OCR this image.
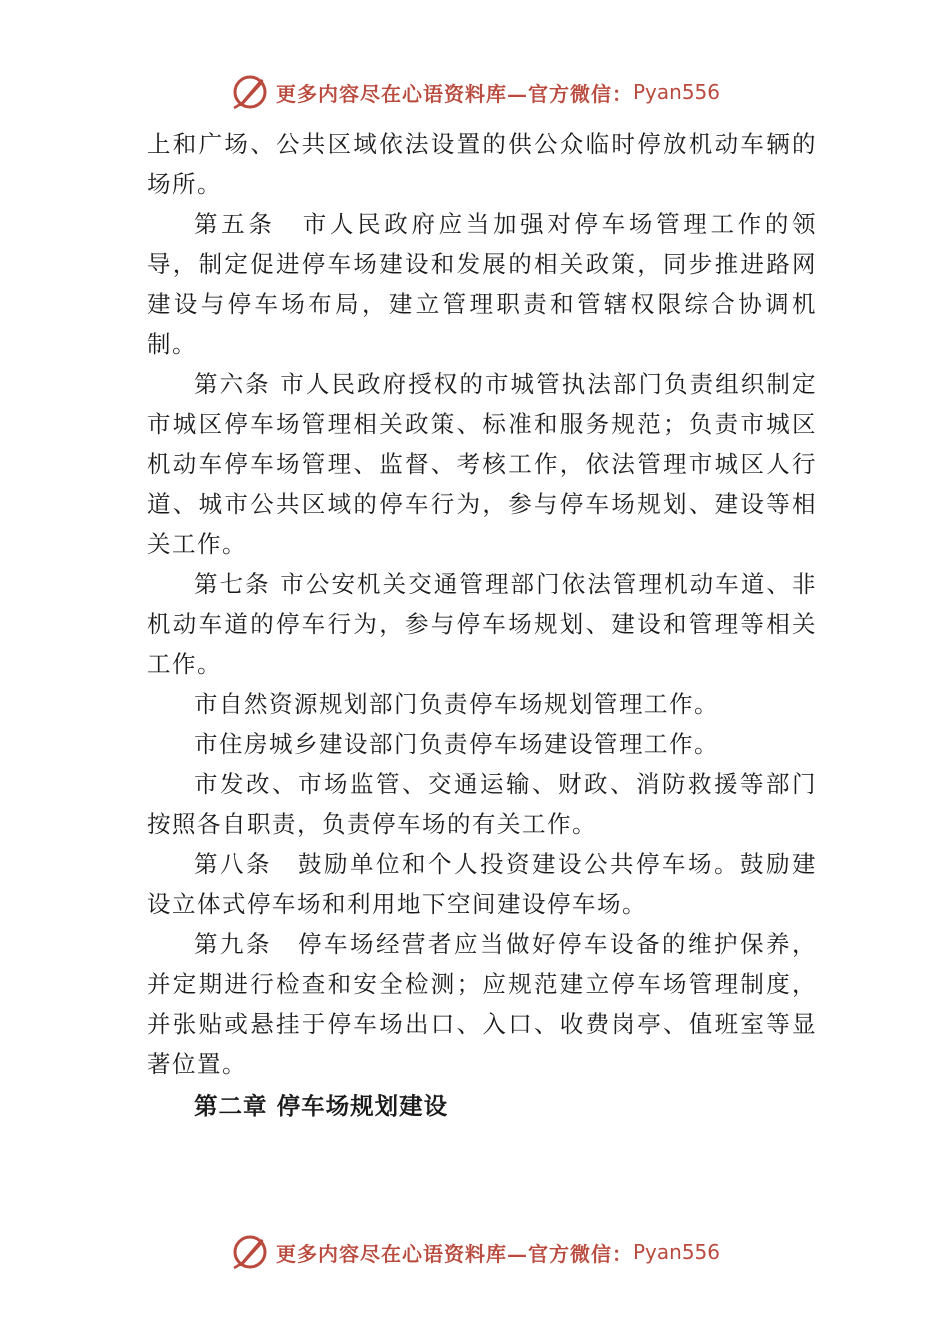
更多内容尽在心语资料库—官方微信： Pyan556

上和广场、公共区域依法设置的供公众临时停放机动车辆的场所。

第五条　市人民政府应当加强对停车场管理工作的领导，制定促进停车场建设和发展的相关政策，同步推进路网建设与停车场布局，建立管理职责和管辖权限综合协调机制。

第六条 市人民政府授权的市城管执法部门负责组织制定市城区停车场管理相关政策、标准和服务规范；负责市城区机动车停车场管理、监督、考核工作，依法管理市城区人行道、城市公共区域的停车行为，参与停车场规划、建设等相关工作。

第七条 市公安机关交通管理部门依法管理机动车道、非机动车道的停车行为，参与停车场规划、建设和管理等相关工作。

市自然资源规划部门负责停车场规划管理工作。

市住房城乡建设部门负责停车场建设管理工作。

市发改、市场监管、交通运输、财政、消防救援等部门按照各自职责，负责停车场的有关工作。

第八条　鼓励单位和个人投资建设公共停车场。鼓励建设立体式停车场和利用地下空间建设停车场。

第九条　停车场经营者应当做好停车设备的维护保养，并定期进行检查和安全检测；应规范建立停车场管理制度，并张贴或悬挂于停车场出口、入口、收费岗亭、值班室等显著位置。

第二章 停车场规划建设
更多内容尽在心语资料库—官方微信： Pyan556
